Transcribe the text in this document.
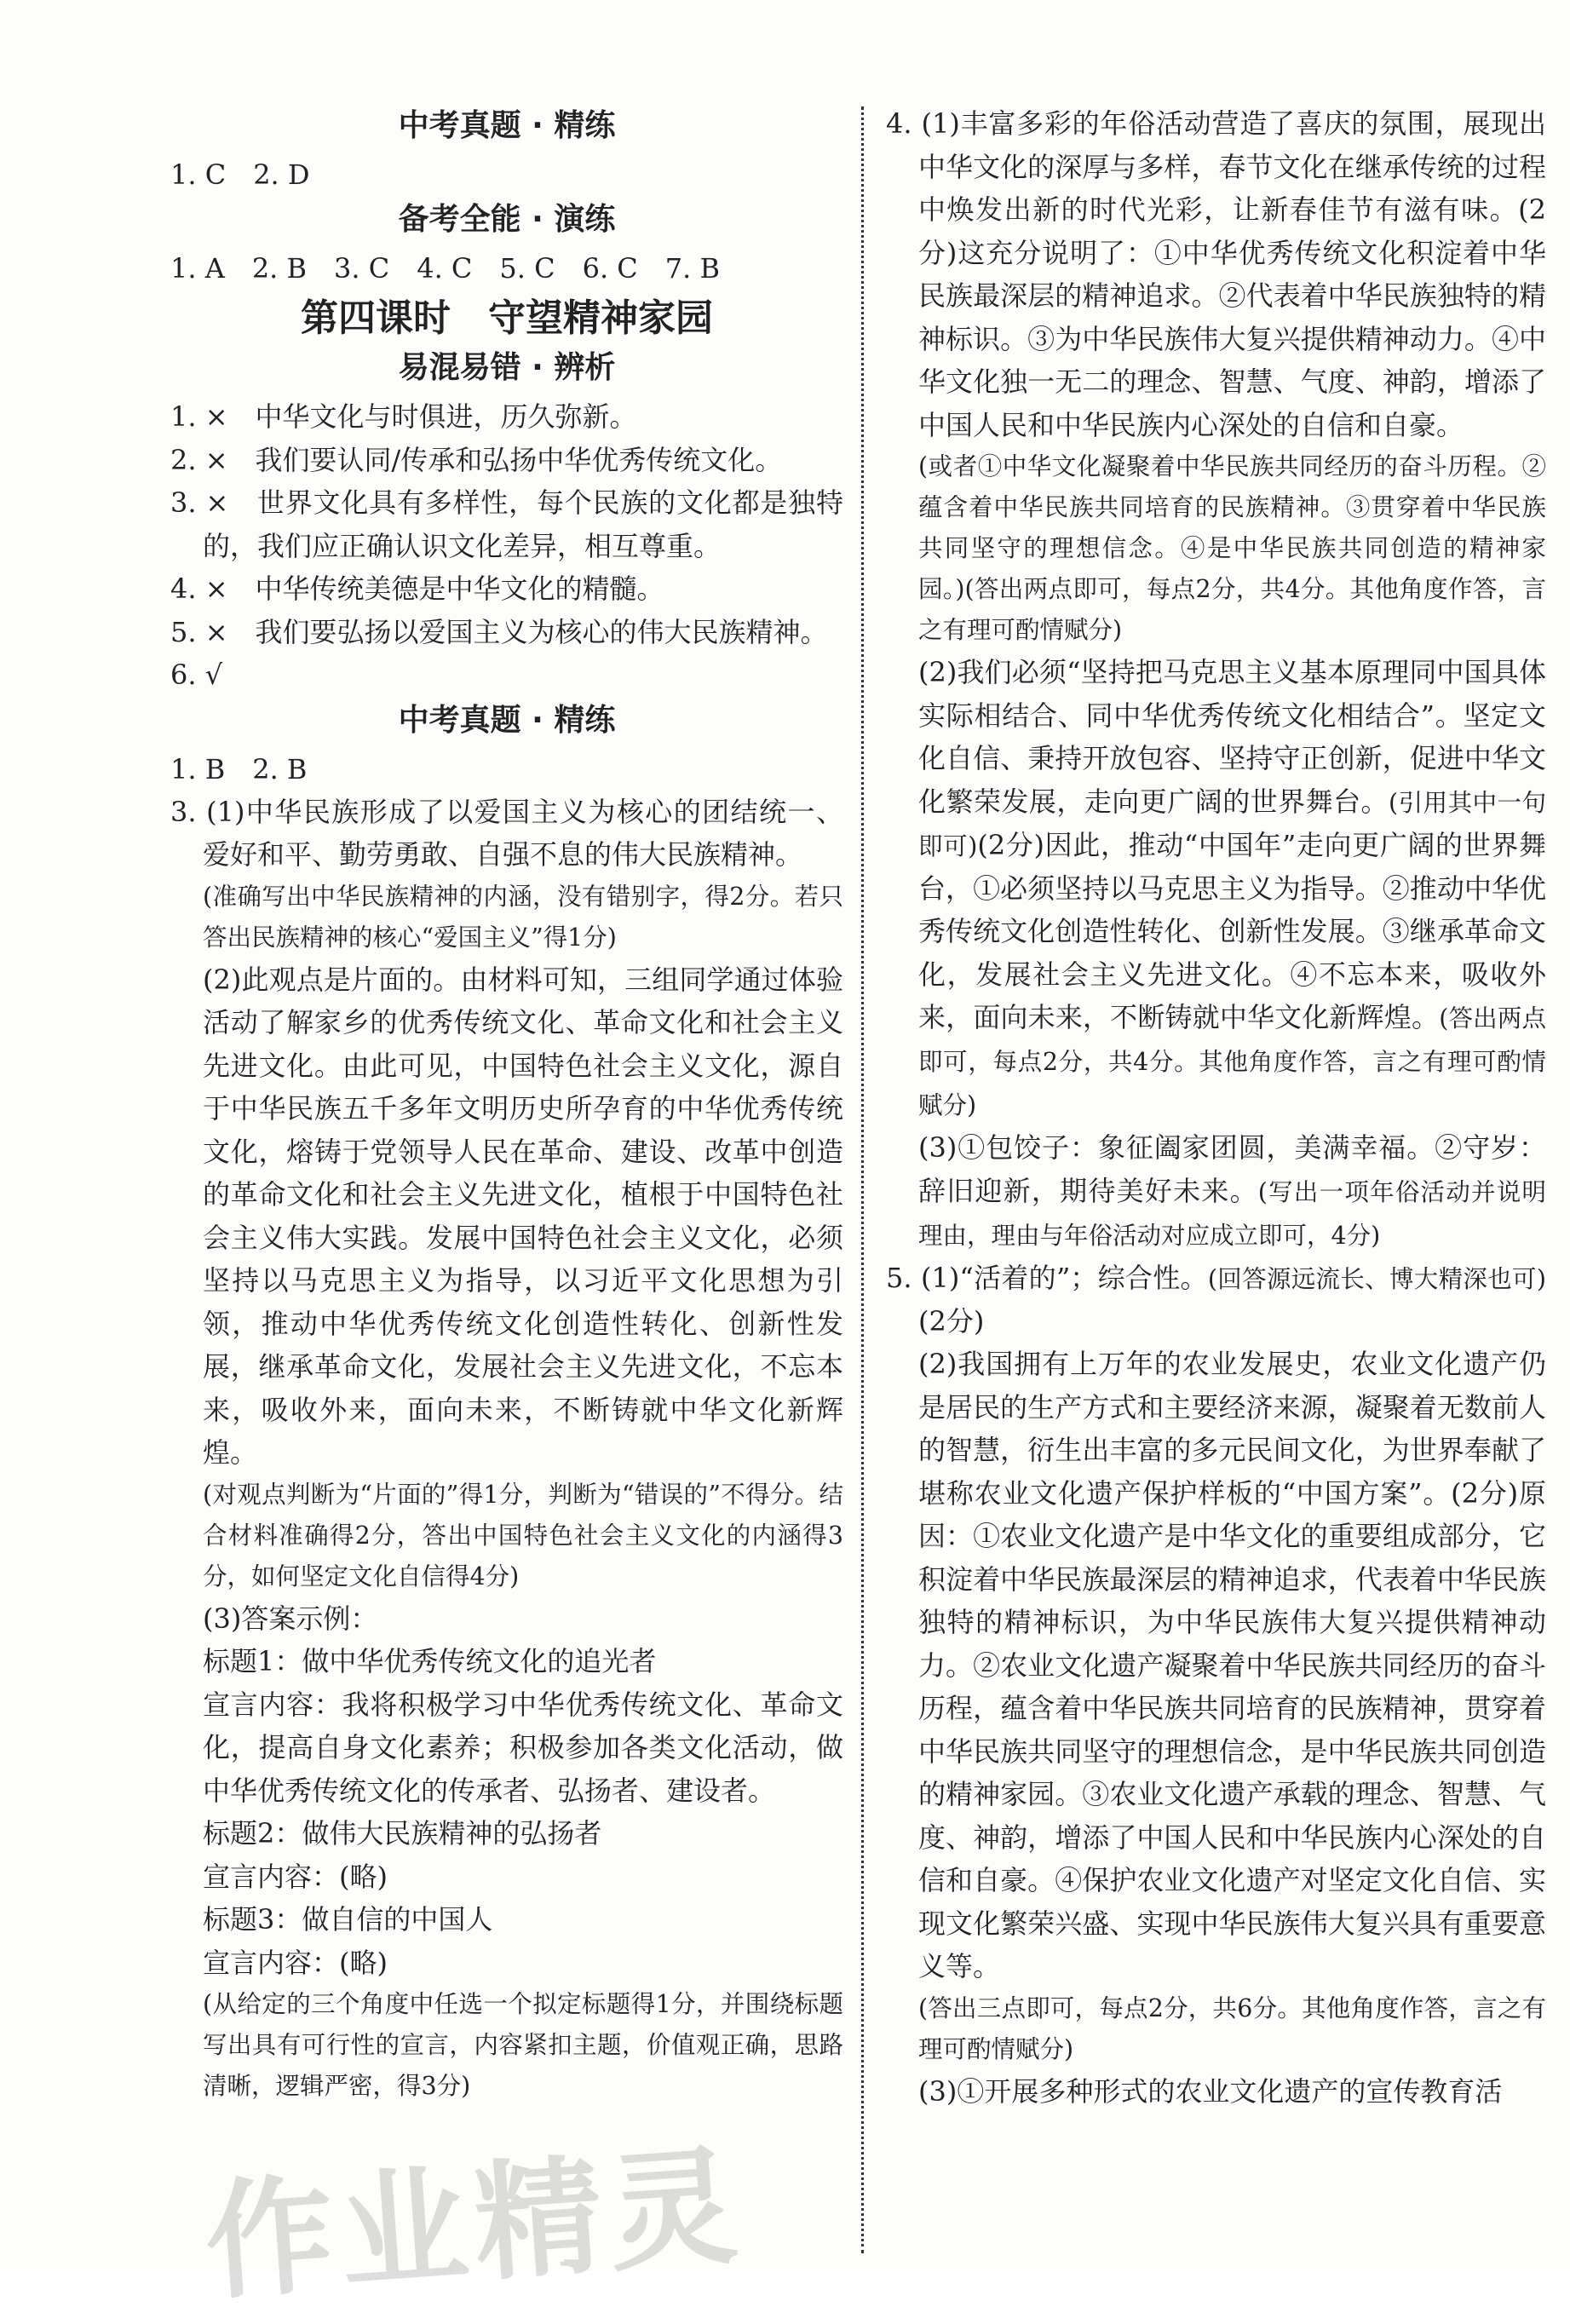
中考真题 · 精练
1. C　2. D
备考全能 · 演练
1. A　2. B　3. C　4. C　5. C　6. C　7. B
第四课时　守望精神家园
易混易错 · 辨析
1. ×　中华文化与时俱进，历久弥新。
2. ×　我们要认同/传承和弘扬中华优秀传统文化。
3. ×　世界文化具有多样性，每个民族的文化都是独特的，我们应正确认识文化差异，相互尊重。
4. ×　中华传统美德是中华文化的精髓。
5. ×　我们要弘扬以爱国主义为核心的伟大民族精神。
6. √
中考真题 · 精练
1. B　2. B
3. (1)中华民族形成了以爱国主义为核心的团结统一、爱好和平、勤劳勇敢、自强不息的伟大民族精神。
(准确写出中华民族精神的内涵，没有错别字，得2分。若只答出民族精神的核心“爱国主义”得1分)
(2)此观点是片面的。由材料可知，三组同学通过体验活动了解家乡的优秀传统文化、革命文化和社会主义先进文化。由此可见，中国特色社会主义文化，源自于中华民族五千多年文明历史所孕育的中华优秀传统文化，熔铸于党领导人民在革命、建设、改革中创造的革命文化和社会主义先进文化，植根于中国特色社会主义伟大实践。发展中国特色社会主义文化，必须坚持以马克思主义为指导，以习近平文化思想为引领，推动中华优秀传统文化创造性转化、创新性发展，继承革命文化，发展社会主义先进文化，不忘本来，吸收外来，面向未来，不断铸就中华文化新辉煌。
(对观点判断为“片面的”得1分，判断为“错误的”不得分。结合材料准确得2分，答出中国特色社会主义文化的内涵得3分，如何坚定文化自信得4分)
(3)答案示例：
标题1：做中华优秀传统文化的追光者
宣言内容：我将积极学习中华优秀传统文化、革命文化，提高自身文化素养；积极参加各类文化活动，做中华优秀传统文化的传承者、弘扬者、建设者。
标题2：做伟大民族精神的弘扬者
宣言内容：(略)
标题3：做自信的中国人
宣言内容：(略)
(从给定的三个角度中任选一个拟定标题得1分，并围绕标题写出具有可行性的宣言，内容紧扣主题，价值观正确，思路清晰，逻辑严密，得3分)
4. (1)丰富多彩的年俗活动营造了喜庆的氛围，展现出中华文化的深厚与多样，春节文化在继承传统的过程中焕发出新的时代光彩，让新春佳节有滋有味。(2分)这充分说明了：①中华优秀传统文化积淀着中华民族最深层的精神追求。②代表着中华民族独特的精神标识。③为中华民族伟大复兴提供精神动力。④中华文化独一无二的理念、智慧、气度、神韵，增添了中国人民和中华民族内心深处的自信和自豪。
(或者①中华文化凝聚着中华民族共同经历的奋斗历程。②蕴含着中华民族共同培育的民族精神。③贯穿着中华民族共同坚守的理想信念。④是中华民族共同创造的精神家园。)(答出两点即可，每点2分，共4分。其他角度作答，言之有理可酌情赋分)
(2)我们必须“坚持把马克思主义基本原理同中国具体实际相结合、同中华优秀传统文化相结合”。坚定文化自信、秉持开放包容、坚持守正创新，促进中华文化繁荣发展，走向更广阔的世界舞台。(引用其中一句即可)(2分)因此，推动“中国年”走向更广阔的世界舞台，①必须坚持以马克思主义为指导。②推动中华优秀传统文化创造性转化、创新性发展。③继承革命文化，发展社会主义先进文化。④不忘本来，吸收外来，面向未来，不断铸就中华文化新辉煌。(答出两点即可，每点2分，共4分。其他角度作答，言之有理可酌情赋分)
(3)①包饺子：象征阖家团圆，美满幸福。②守岁：辞旧迎新，期待美好未来。(写出一项年俗活动并说明理由，理由与年俗活动对应成立即可，4分)
5. (1)“活着的”；综合性。(回答源远流长、博大精深也可)(2分)
(2)我国拥有上万年的农业发展史，农业文化遗产仍是居民的生产方式和主要经济来源，凝聚着无数前人的智慧，衍生出丰富的多元民间文化，为世界奉献了堪称农业文化遗产保护样板的“中国方案”。(2分)原因：①农业文化遗产是中华文化的重要组成部分，它积淀着中华民族最深层的精神追求，代表着中华民族独特的精神标识，为中华民族伟大复兴提供精神动力。②农业文化遗产凝聚着中华民族共同经历的奋斗历程，蕴含着中华民族共同培育的民族精神，贯穿着中华民族共同坚守的理想信念，是中华民族共同创造的精神家园。③农业文化遗产承载的理念、智慧、气度、神韵，增添了中国人民和中华民族内心深处的自信和自豪。④保护农业文化遗产对坚定文化自信、实现文化繁荣兴盛、实现中华民族伟大复兴具有重要意义等。
(答出三点即可，每点2分，共6分。其他角度作答，言之有理可酌情赋分)
(3)①开展多种形式的农业文化遗产的宣传教育活
作业精灵
